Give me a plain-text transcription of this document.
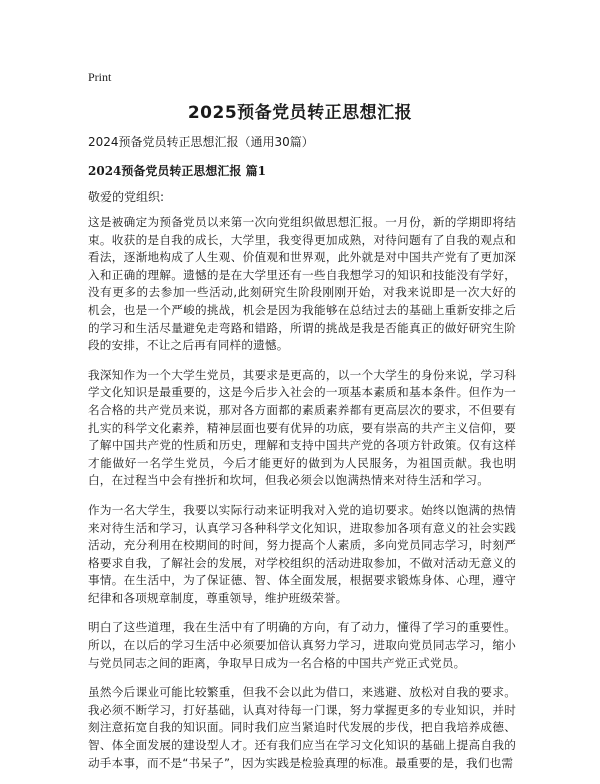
Print
2025预备党员转正思想汇报
2024预备党员转正思想汇报（通用30篇）
2024预备党员转正思想汇报 篇1
敬爱的党组织:

这是被确定为预备党员以来第一次向党组织做思想汇报。一月份，新的学期即将结束。收获的是自我的成长，大学里，我变得更加成熟，对待问题有了自我的观点和看法，逐渐地构成了人生观、价值观和世界观，此外就是对中国共产党有了更加深入和正确的理解。遗憾的是在大学里还有一些自我想学习的知识和技能没有学好，没有更多的去参加一些活动,此刻研究生阶段刚刚开始，对我来说即是一次大好的机会，也是一个严峻的挑战，机会是因为我能够在总结过去的基础上重新安排之后的学习和生活尽量避免走弯路和错路，所谓的挑战是我是否能真正的做好研究生阶段的安排，不让之后再有同样的遗憾。

我深知作为一个大学生党员，其要求是更高的，以一个大学生的身份来说，学习科学文化知识是最重要的，这是今后步入社会的一项基本素质和基本条件。但作为一名合格的共产党员来说，那对各方面都的素质素养都有更高层次的要求，不但要有扎实的科学文化素养，精神层面也要有优异的功底，要有崇高的共产主义信仰，要了解中国共产党的性质和历史，理解和支持中国共产党的各项方针政策。仅有这样才能做好一名学生党员，今后才能更好的做到为人民服务，为祖国贡献。我也明白，在过程当中会有挫折和坎坷，但我必须会以饱满热情来对待生活和学习。

作为一名大学生，我要以实际行动来证明我对入党的追切要求。始终以饱满的热情来对待生活和学习，认真学习各种科学文化知识，进取参加各项有意义的社会实践活动，充分利用在校期间的时间，努力提高个人素质，多向党员同志学习，时刻严格要求自我，了解社会的发展，对学校组织的活动进取参加，不做对活动无意义的事情。在生活中，为了保证德、智、体全面发展，根据要求锻炼身体、心理，遵守纪律和各项规章制度，尊重领导，维护班级荣誉。

明白了这些道理，我在生活中有了明确的方向，有了动力，懂得了学习的重要性。所以，在以后的学习生活中必须要加倍认真努力学习，进取向党员同志学习，缩小与党员同志之间的距离，争取早日成为一名合格的中国共产党正式党员。

虽然今后课业可能比较繁重，但我不会以此为借口，来逃避、放松对自我的要求。我必须不断学习，打好基础，认真对待每一门课，努力掌握更多的专业知识，并时刻注意拓宽自我的知识面。同时我们应当紧追时代发展的步伐，把自我培养成德、智、体全面发展的建设型人才。还有我们应当在学习文化知识的基础上提高自我的动手本事，而不是“书呆子”，因为实践是检验真理的标准。最重要的是，我们也需
